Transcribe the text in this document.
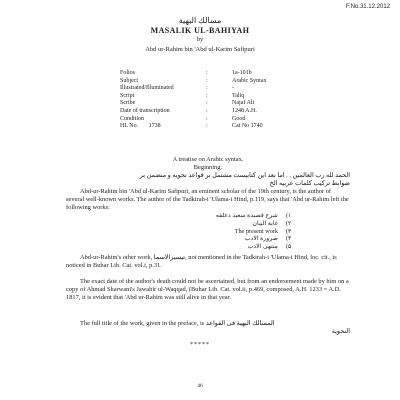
F.No.31.12.2012
مسالك البهية
MASALIK UL-BAHIYAH
by
Abd ur-Rahim bin 'Abd ul-Karim Safipuri
Folios	:	1a-101b
Subject	:	Arabic Syntax
Illustrated/Illuminated	:	-
Script	:	Taliq
Scribe	:	Najaf Ali
Date of transcription	:	1248 A.H.
Condition	:	Good
HL No. 1738	:	Cat No 1740
A treatise on Arabic syntax.
Beginning:
الحمد لله رب العالمين . . اما بعد این کتابیست مشتمل بر قواعد نحویه و منضمن بر
ضوابط ترکیب کلمات عربیه الخ
Abd-ur-Rahim bin 'Abd ul-Karim Safipuri, an eminent scholar of the 19th century, is the author of several well-known works. The author of the Tadkirah-i 'Ulama-i Hind, p.119, says that 'Abd ur-Rahim left the following works:
شرح قصيدة سعيد دعلقه	(۱
غاية البيان	(۲
The present work	(۳
ضرورة الادب	(۴
منتهى الادب	(۵
Abd-ur-Rahim's other work, تيسيرالاسما, not mentioned in the Tadkirah-i 'Ulama-i Hind, loc. cit., is noticed in Buhar Lib. Cat. vol.i, p.31.
The exact date of the author's death could not be ascertained, but from an endorsement made by him on a copy of Ahmad Sharwani's Jawahir ul-Waqqad, (Buhar Lib. Cat. vol.ii, p.469, composed, A.H. 1233 = A.D. 1817, it is evident that 'Abd ur-Rahim was still alive in that year.
The full title of the work, given in the preface, is المسالك البهية فى القواعد
النحوية
*****
46
